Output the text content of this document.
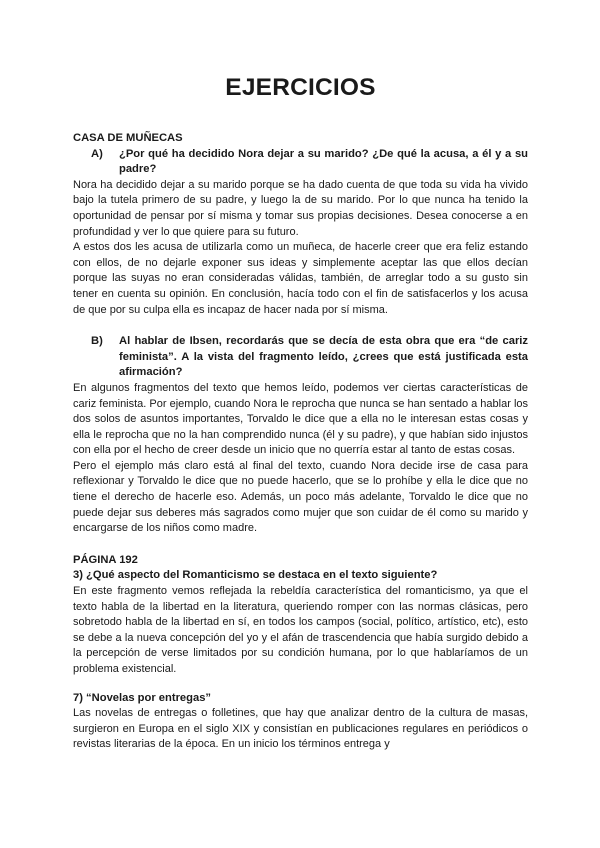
EJERCICIOS
CASA DE MUÑECAS
A)	¿Por qué ha decidido Nora dejar a su marido? ¿De qué la acusa, a él y a su padre?

Nora ha decidido dejar a su marido porque se ha dado cuenta de que toda su vida ha vivido bajo la tutela primero de su padre, y luego la de su marido. Por lo que nunca ha tenido la oportunidad de pensar por sí misma y tomar sus propias decisiones. Desea conocerse a en profundidad y ver lo que quiere para su futuro.

A estos dos les acusa de utilizarla como un muñeca, de hacerle creer que era feliz estando con ellos, de no dejarle exponer sus ideas y simplemente aceptar las que ellos decían porque las suyas no eran consideradas válidas, también, de arreglar todo a su gusto sin tener en cuenta su opinión. En conclusión, hacía todo con el fin de satisfacerlos y los acusa de que por su culpa ella es incapaz de hacer nada por sí misma.

B)	Al hablar de Ibsen, recordarás que se decía de esta obra que era “de cariz feminista”. A la vista del fragmento leído, ¿crees que está justificada esta afirmación?

En algunos fragmentos del texto que hemos leído, podemos ver ciertas características de cariz feminista. Por ejemplo, cuando Nora le reprocha que nunca se han sentado a hablar los dos solos de asuntos importantes, Torvaldo le dice que a ella no le interesan estas cosas y ella le reprocha que no la han comprendido nunca (él y su padre), y que habían sido injustos con ella por el hecho de creer desde un inicio que no querría estar al tanto de estas cosas.

Pero el ejemplo más claro está al final del texto, cuando Nora decide irse de casa para reflexionar y Torvaldo le dice que no puede hacerlo, que se lo prohíbe y ella le dice que no tiene el derecho de hacerle eso. Además, un poco más adelante, Torvaldo le dice que no puede dejar sus deberes más sagrados como mujer que son cuidar de él como su marido y encargarse de los niños como madre.

PÁGINA 192
3) ¿Qué aspecto del Romanticismo se destaca en el texto siguiente?

En este fragmento vemos reflejada la rebeldía característica del romanticismo, ya que el texto habla de la libertad en la literatura, queriendo romper con las normas clásicas, pero sobretodo habla de la libertad en sí, en todos los campos (social, político, artístico, etc), esto se debe a la nueva concepción del yo y el afán de trascendencia que había surgido debido a la percepción de verse limitados por su condición humana, por lo que hablaríamos de un problema existencial.

7) “Novelas por entregas”

Las novelas de entregas o folletines, que hay que analizar dentro de la cultura de masas, surgieron en Europa en el siglo XIX y consistían en publicaciones regulares en periódicos o revistas literarias de la época. En un inicio los términos entrega y
